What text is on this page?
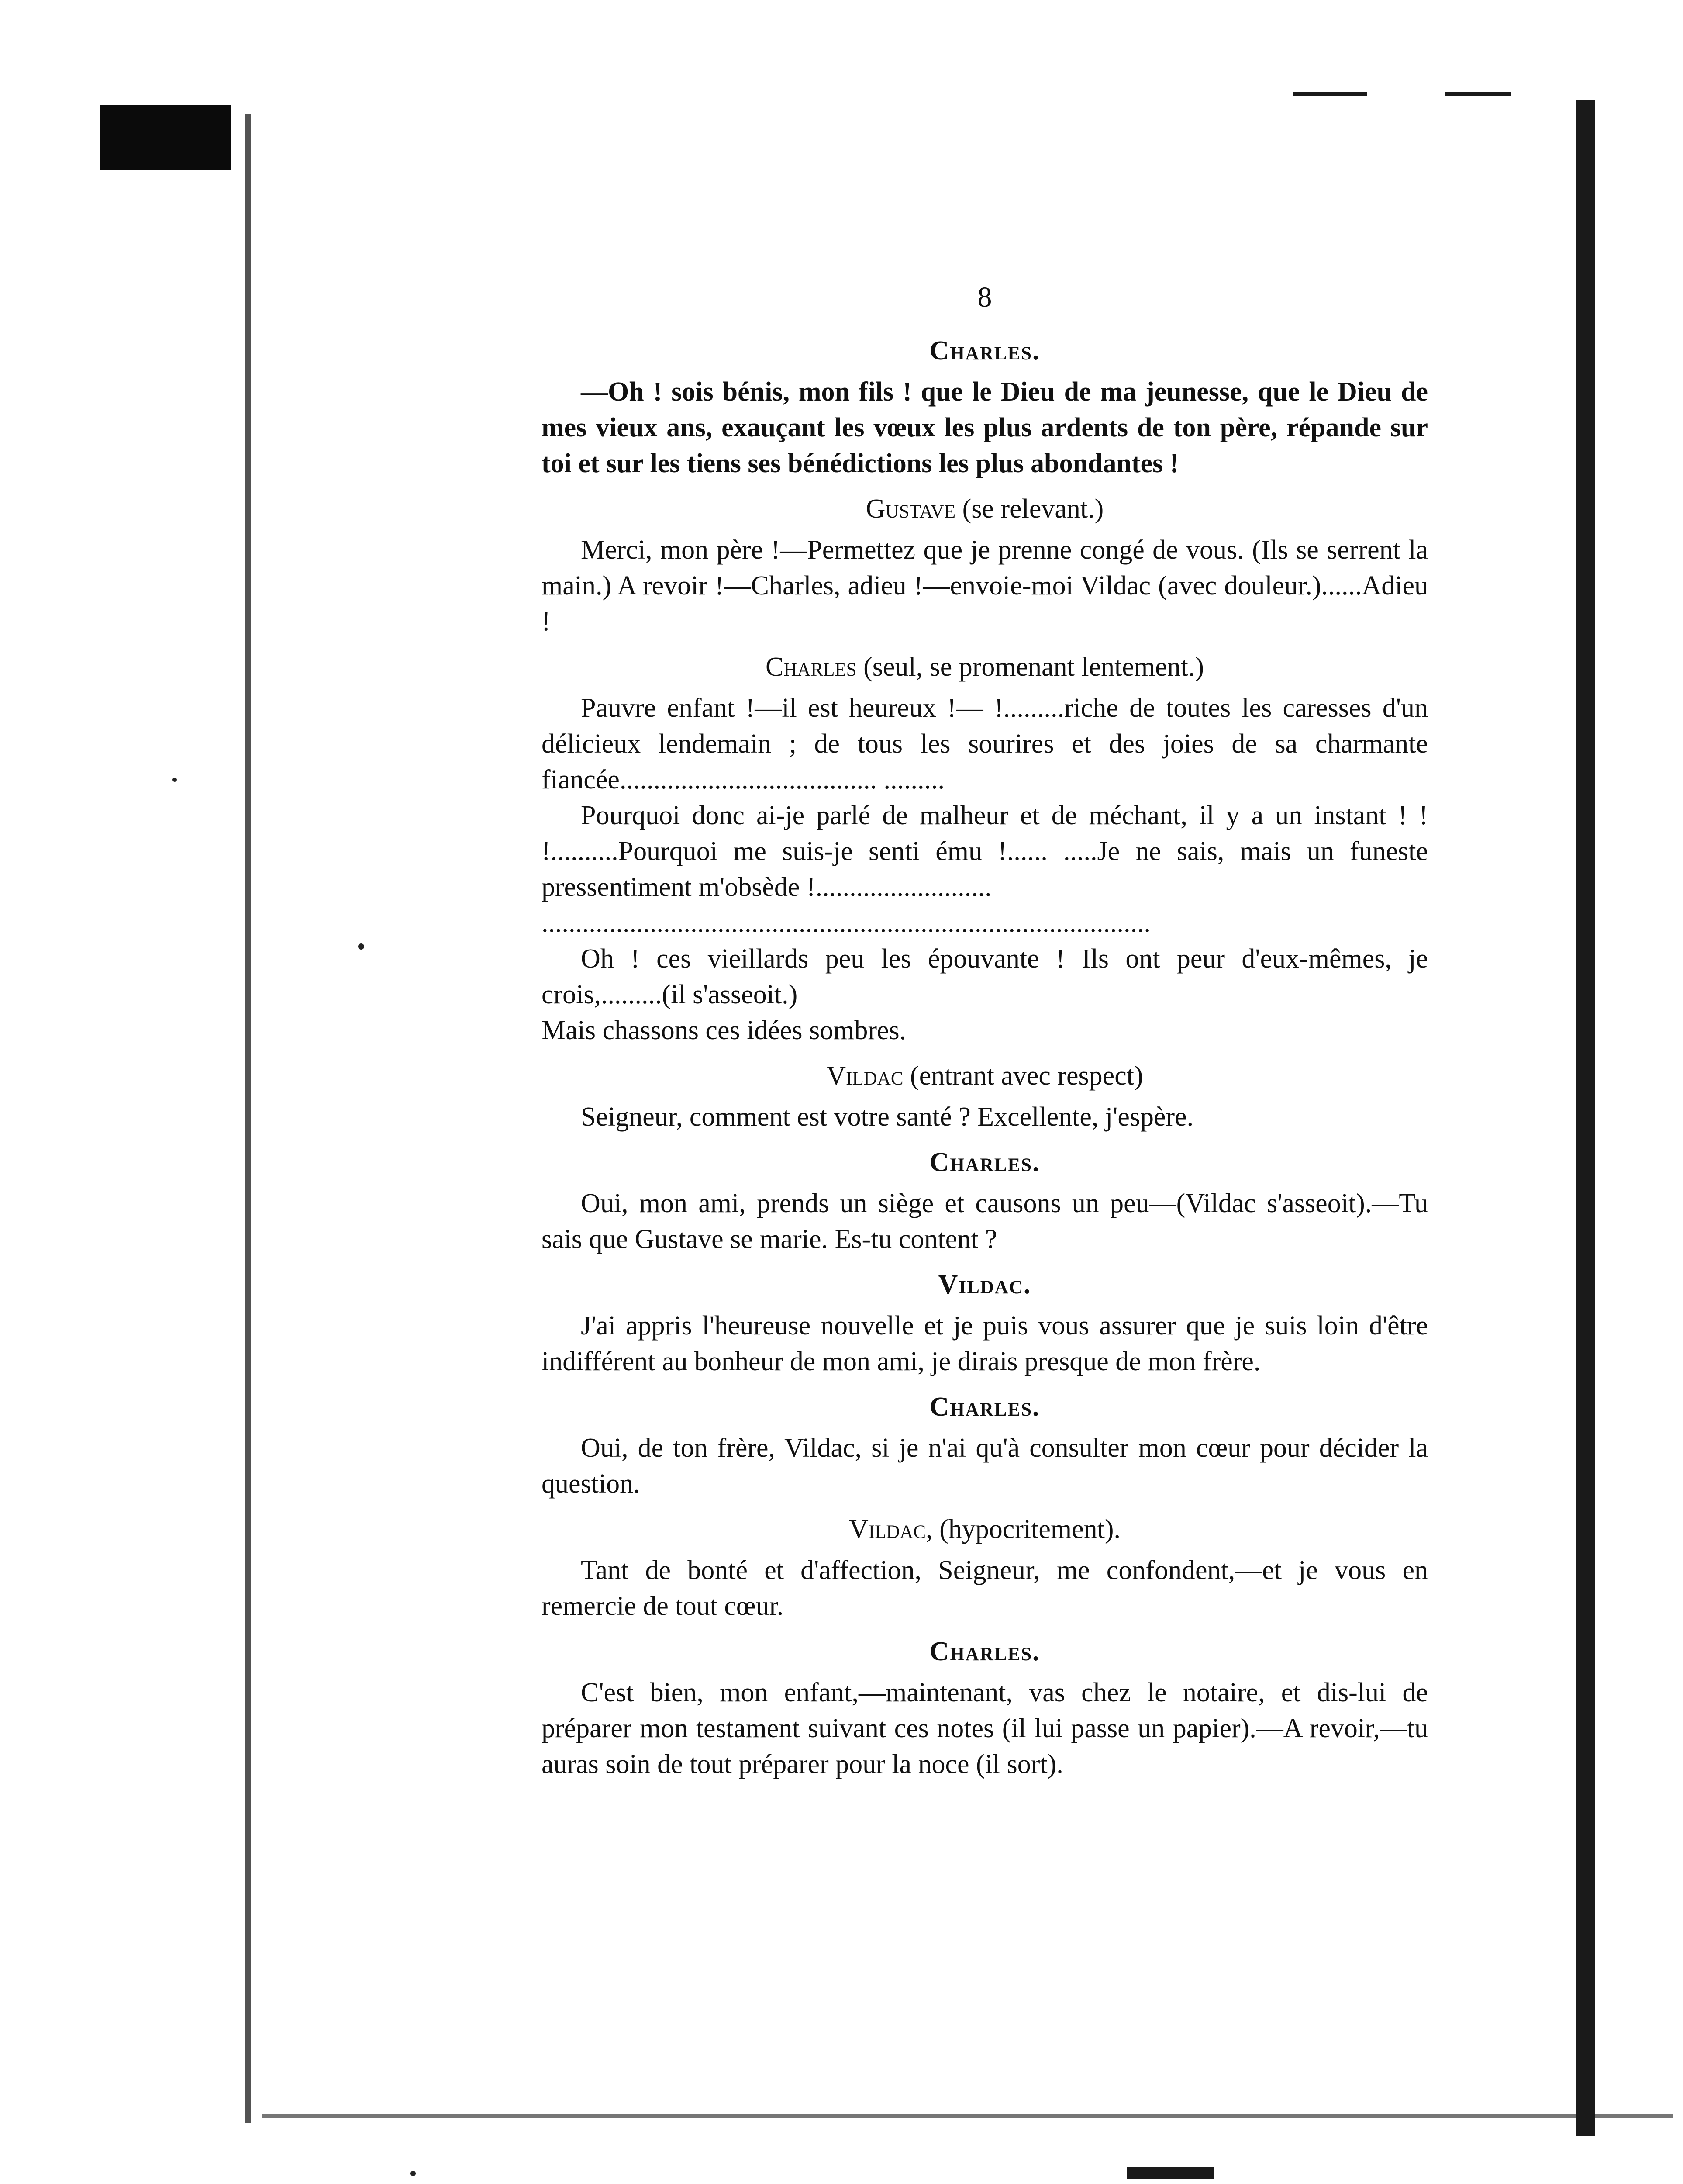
8
Charles.

—Oh ! sois bénis, mon fils ! que le Dieu de ma jeunesse, que le Dieu de mes vieux ans, exauçant les vœux les plus ardents de ton père, répande sur toi et sur les tiens ses bénédictions les plus abondantes !

Gustave (se relevant.)

Merci, mon père !—Permettez que je prenne congé de vous. (Ils se serrent la main.) A revoir !—Charles, adieu !—envoie-moi Vildac (avec douleur.)......Adieu !

Charles (seul, se promenant lentement.)

Pauvre enfant !—il est heureux !— !.........riche de toutes les caresses d'un délicieux lendemain ; de tous les sourires et des joies de sa charmante fiancée...................................... .........

Pourquoi donc ai-je parlé de malheur et de méchant, il y a un instant ! ! !..........Pourquoi me suis-je senti ému !...... .....Je ne sais, mais un funeste pressentiment m'obsède !..........................

..........................................................................................

Oh ! ces vieillards peu les épouvante ! Ils ont peur d'eux-mêmes, je crois,.........(il s'asseoit.)

Mais chassons ces idées sombres.

Vildac (entrant avec respect)

Seigneur, comment est votre santé ? Excellente, j'espère.

Charles.

Oui, mon ami, prends un siège et causons un peu—(Vildac s'asseoit).—Tu sais que Gustave se marie. Es-tu content ?

Vildac.

J'ai appris l'heureuse nouvelle et je puis vous assurer que je suis loin d'être indifférent au bonheur de mon ami, je dirais presque de mon frère.

Charles.

Oui, de ton frère, Vildac, si je n'ai qu'à consulter mon cœur pour décider la question.

Vildac, (hypocritement).

Tant de bonté et d'affection, Seigneur, me confondent,—et je vous en remercie de tout cœur.

Charles.

C'est bien, mon enfant,—maintenant, vas chez le notaire, et dis-lui de préparer mon testament suivant ces notes (il lui passe un papier).—A revoir,—tu auras soin de tout préparer pour la noce (il sort).
